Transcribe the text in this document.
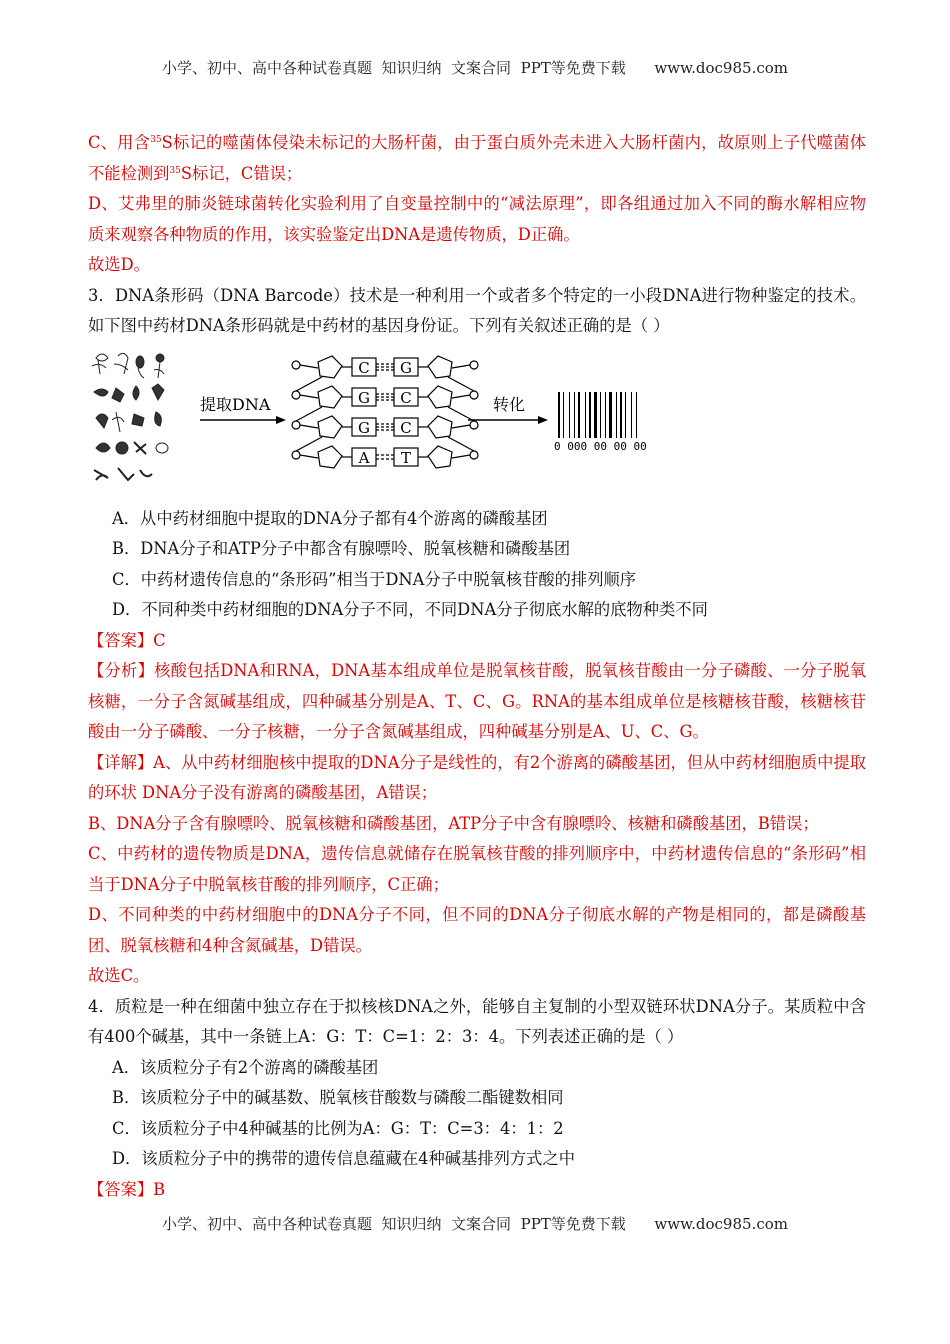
小学、初中、高中各种试卷真题  知识归纳  文案合同  PPT等免费下载      www.doc985.com

C、用含$^{35}$S标记的噬菌体侵染未标记的大肠杆菌，由于蛋白质外壳未进入大肠杆菌内，故原则上子代噬菌体不能检测到$^{35}$S标记，C错误；

D、艾弗里的肺炎链球菌转化实验利用了自变量控制中的“减法原理”，即各组通过加入不同的酶水解相应物质来观察各种物质的作用，该实验鉴定出DNA是遗传物质，D正确。

故选D。

3．DNA条形码（DNA Barcode）技术是一种利用一个或者多个特定的一小段DNA进行物种鉴定的技术。如下图中药材DNA条形码就是中药材的基因身份证。下列有关叙述正确的是（ ）

提取DNA
C G
G C
G C
A T
转化
0 000 00 00 00

A．从中药材细胞中提取的DNA分子都有4个游离的磷酸基团

B．DNA分子和ATP分子中都含有腺嘌呤、脱氧核糖和磷酸基团

C．中药材遗传信息的“条形码”相当于DNA分子中脱氧核苷酸的排列顺序

D．不同种类中药材细胞的DNA分子不同，不同DNA分子彻底水解的底物种类不同

【答案】C

【分析】核酸包括DNA和RNA，DNA基本组成单位是脱氧核苷酸，脱氧核苷酸由一分子磷酸、一分子脱氧核糖，一分子含氮碱基组成，四种碱基分别是A、T、C、G。RNA的基本组成单位是核糖核苷酸，核糖核苷酸由一分子磷酸、一分子核糖，一分子含氮碱基组成，四种碱基分别是A、U、C、G。

【详解】A、从中药材细胞核中提取的DNA分子是线性的，有2个游离的磷酸基团，但从中药材细胞质中提取的环状 DNA分子没有游离的磷酸基团，A错误；

B、DNA分子含有腺嘌呤、脱氧核糖和磷酸基团，ATP分子中含有腺嘌呤、核糖和磷酸基团，B错误；

C、中药材的遗传物质是DNA，遗传信息就储存在脱氧核苷酸的排列顺序中，中药材遗传信息的“条形码”相当于DNA分子中脱氧核苷酸的排列顺序，C正确；

D、不同种类的中药材细胞中的DNA分子不同，但不同的DNA分子彻底水解的产物是相同的，都是磷酸基团、脱氧核糖和4种含氮碱基，D错误。

故选C。

4．质粒是一种在细菌中独立存在于拟核核DNA之外，能够自主复制的小型双链环状DNA分子。某质粒中含有400个碱基，其中一条链上A：G：T：C=1：2：3：4。下列表述正确的是（ ）

A．该质粒分子有2个游离的磷酸基团

B．该质粒分子中的碱基数、脱氧核苷酸数与磷酸二酯键数相同

C．该质粒分子中4种碱基的比例为A：G：T：C=3：4：1：2

D．该质粒分子中的携带的遗传信息蕴藏在4种碱基排列方式之中

【答案】B

小学、初中、高中各种试卷真题  知识归纳  文案合同  PPT等免费下载      www.doc985.com
